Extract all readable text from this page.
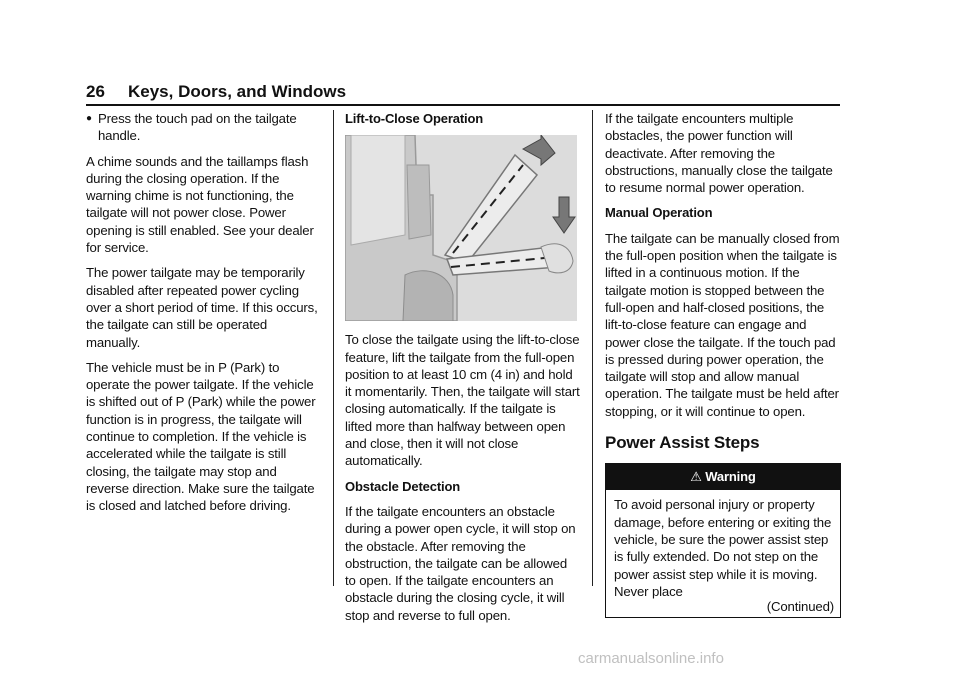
26 Keys, Doors, and Windows
● Press the touch pad on the tailgate handle.

A chime sounds and the taillamps flash during the closing operation. If the warning chime is not functioning, the tailgate will not power close. Power opening is still enabled. See your dealer for service.

The power tailgate may be temporarily disabled after repeated power cycling over a short period of time. If this occurs, the tailgate can still be operated manually.

The vehicle must be in P (Park) to operate the power tailgate. If the vehicle is shifted out of P (Park) while the power function is in progress, the tailgate will continue to completion. If the vehicle is accelerated while the tailgate is still closing, the tailgate may stop and reverse direction. Make sure the tailgate is closed and latched before driving.

Lift-to-Close Operation

To close the tailgate using the lift-to-close feature, lift the tailgate from the full-open position to at least 10 cm (4 in) and hold it momentarily. Then, the tailgate will start closing automatically. If the tailgate is lifted more than halfway between open and close, then it will not close automatically.

Obstacle Detection

If the tailgate encounters an obstacle during a power open cycle, it will stop on the obstacle. After removing the obstruction, the tailgate can be allowed to open. If the tailgate encounters an obstacle during the closing cycle, it will stop and reverse to full open.

If the tailgate encounters multiple obstacles, the power function will deactivate. After removing the obstructions, manually close the tailgate to resume normal power operation.

Manual Operation

The tailgate can be manually closed from the full-open position when the tailgate is lifted in a continuous motion. If the tailgate motion is stopped between the full-open and half-closed positions, the lift-to-close feature can engage and power close the tailgate. If the touch pad is pressed during power operation, the tailgate will stop and allow manual operation. The tailgate must be held after stopping, or it will continue to open.

Power Assist Steps
⚠ Warning
To avoid personal injury or property damage, before entering or exiting the vehicle, be sure the power assist step is fully extended. Do not step on the power assist step while it is moving. Never place
(Continued)
carmanualsonline.info
